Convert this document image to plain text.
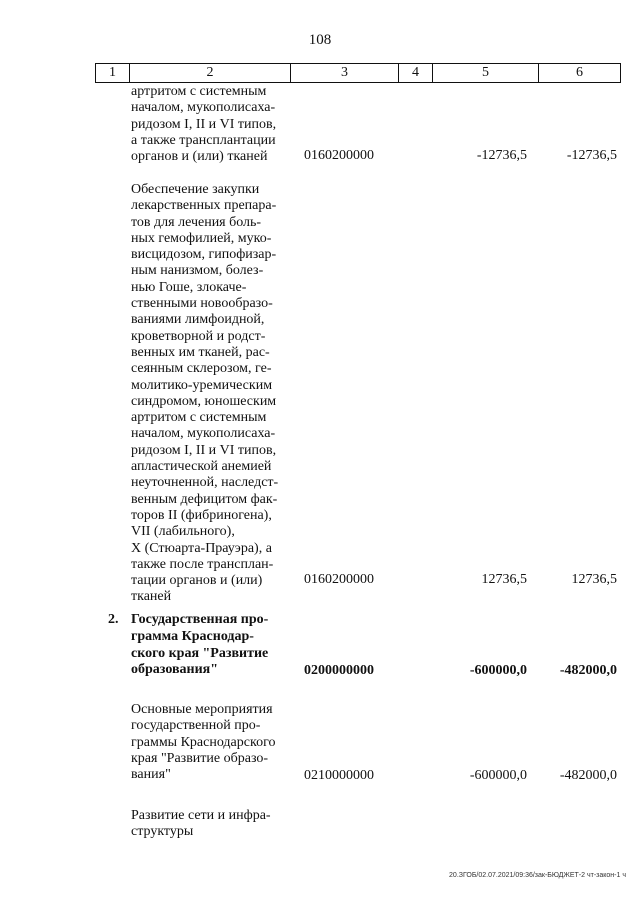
108
1	2	3	4	5	6
артритом с системным
началом, мукополисаха-
ридозом I, II и VI типов,
а также трансплантации
органов и (или) тканей	0160200000	-12736,5	-12736,5
Обеспечение закупки
лекарственных препара-
тов для лечения боль-
ных гемофилией, муко-
висцидозом, гипофизар-
ным нанизмом, болез-
нью Гоше, злокаче-
ственными новообразо-
ваниями лимфоидной,
кроветворной и родст-
венных им тканей, рас-
сеянным склерозом, ге-
молитико-уремическим
синдромом, юношеским
артритом с системным
началом, мукополисаха-
ридозом I, II и VI типов,
апластической анемией
неуточненной, наследст-
венным дефицитом фак-
торов II (фибриногена),
VII (лабильного),
X (Стюарта-Прауэра), а
также после трансплан-
тации органов и (или)
тканей
0160200000	12736,5	12736,5
2. Государственная про-
грамма Краснодар-
ского края "Развитие
образования"	0200000000	-600000,0	-482000,0
Основные мероприятия
государственной про-
граммы Краснодарского
края "Развитие образо-
вания"	0210000000	-600000,0	-482000,0
Развитие сети и инфра-
структуры
20.ЗГОБ/02.07.2021/09:36/зак-БЮДЖЕТ-2 чт-закон-1 ч
